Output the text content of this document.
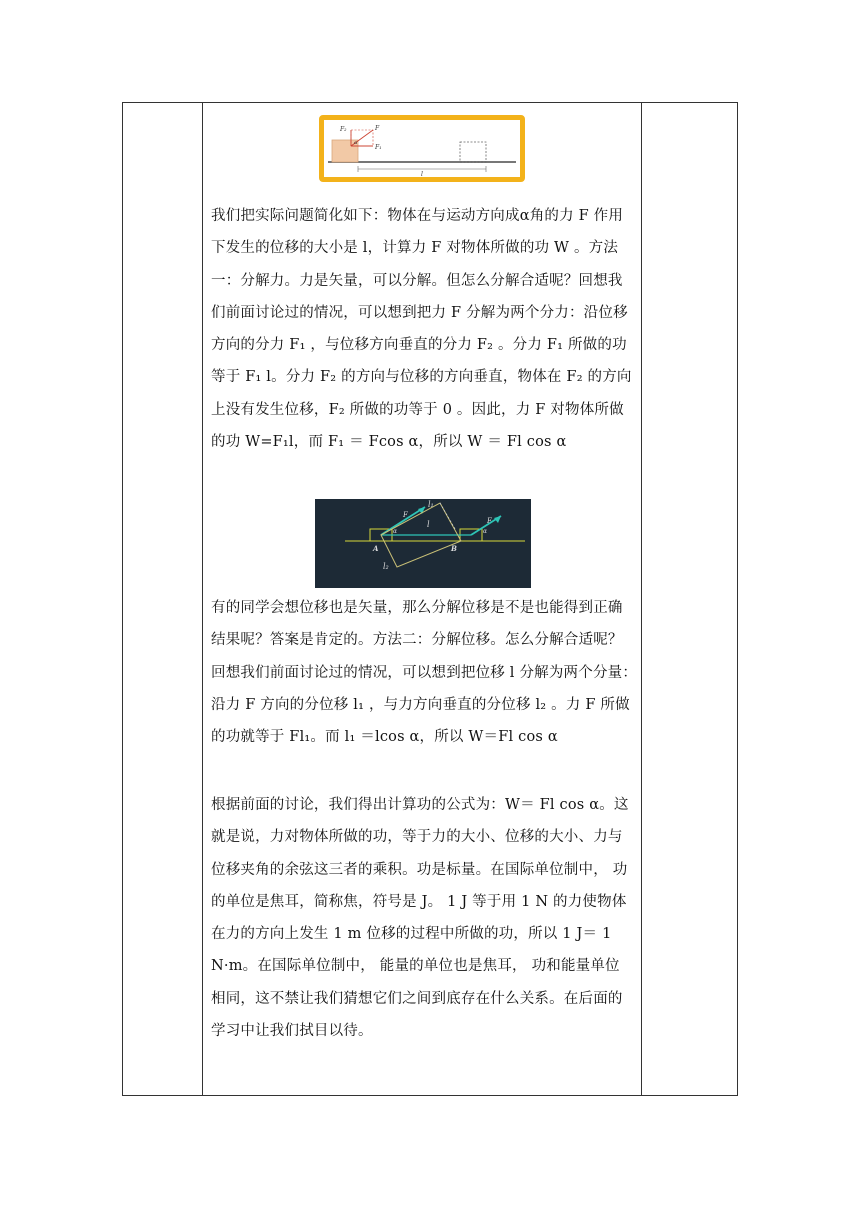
F₂	F
F₁
α
l
我们把实际问题简化如下：物体在与运动方向成α角的力 F 作用
下发生的位移的大小是 l，计算力 F 对物体所做的功 W 。方法
一：分解力。力是矢量，可以分解。但怎么分解合适呢？回想我
们前面讨论过的情况，可以想到把力 F 分解为两个分力：沿位移
方向的分力 F₁ ，与位移方向垂直的分力 F₂ 。分力 F₁ 所做的功
等于 F₁ l。分力 F₂ 的方向与位移的方向垂直，物体在 F₂ 的方向
上没有发生位移，F₂ 所做的功等于 0 。因此，力 F 对物体所做
的功 W=F₁l，而 F₁ ＝ Fcos α，所以 W ＝ Fl cos α
l₁
F
F
l
α	α
A	B
l₂
有的同学会想位移也是矢量，那么分解位移是不是也能得到正确
结果呢？答案是肯定的。方法二：分解位移。怎么分解合适呢？
回想我们前面讨论过的情况，可以想到把位移 l 分解为两个分量：
沿力 F 方向的分位移 l₁ ，与力方向垂直的分位移 l₂ 。力 F 所做
的功就等于 Fl₁。而 l₁ ＝lcos α，所以 W＝Fl cos α
根据前面的讨论，我们得出计算功的公式为：W＝ Fl cos α。这
就是说，力对物体所做的功，等于力的大小、位移的大小、力与
位移夹角的余弦这三者的乘积。功是标量。在国际单位制中， 功
的单位是焦耳，简称焦，符号是 J。 1 J 等于用 1 N 的力使物体
在力的方向上发生 1 m 位移的过程中所做的功，所以 1 J＝ 1
N·m。在国际单位制中， 能量的单位也是焦耳， 功和能量单位
相同，这不禁让我们猜想它们之间到底存在什么关系。在后面的
学习中让我们拭目以待。
